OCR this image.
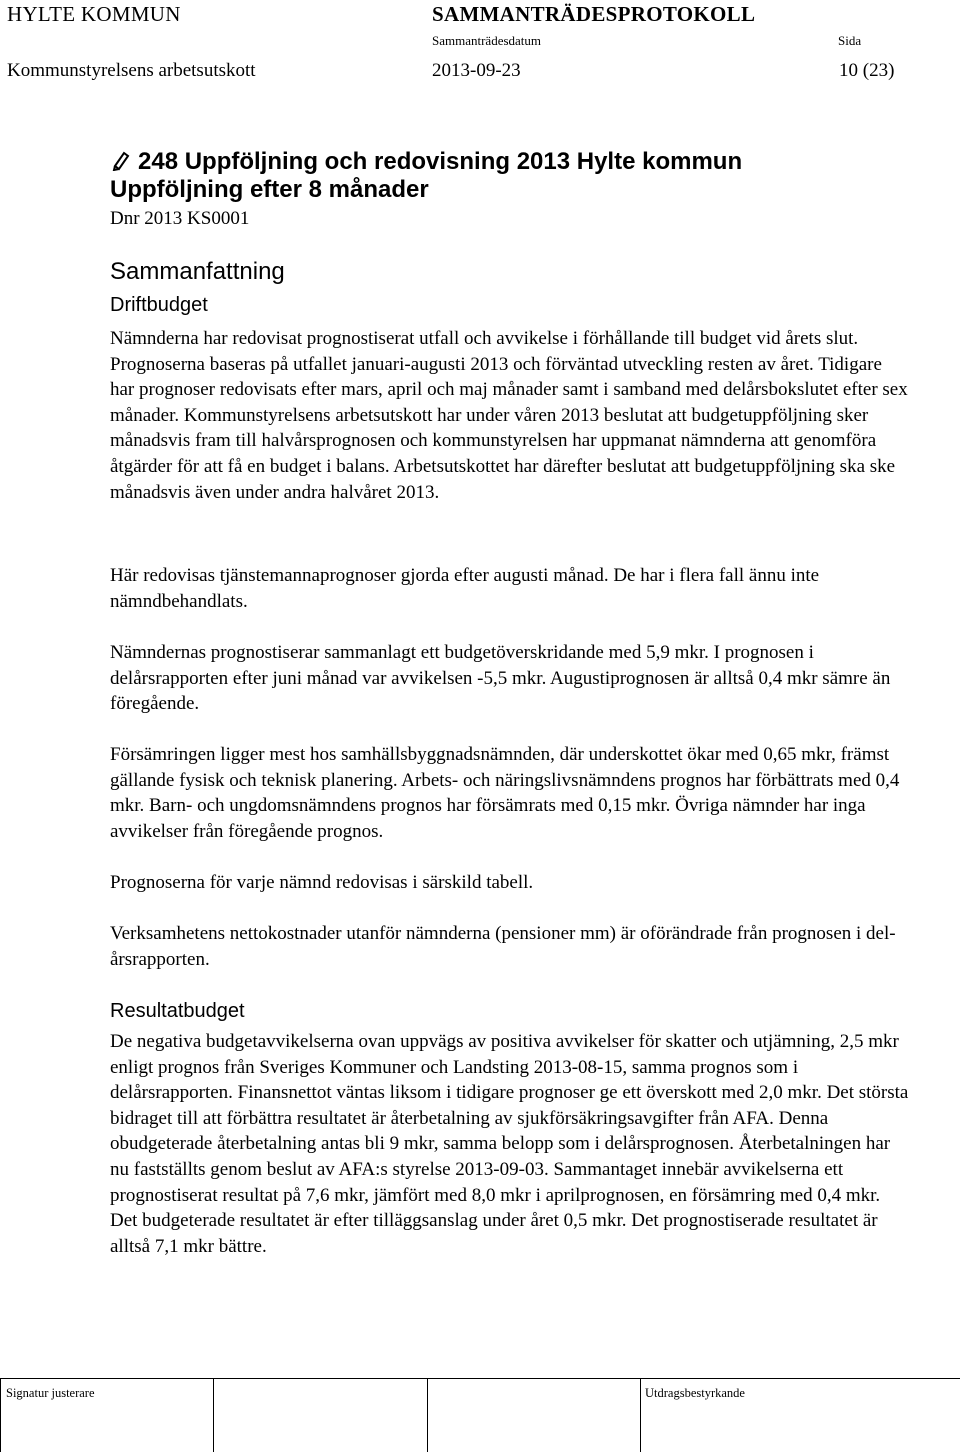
HYLTE KOMMUN	SAMMANTRÄDESPROTOKOLL
Sammanträdesdatum	Sida
Kommunstyrelsens arbetsutskott	2013-09-23	10 (23)
248 Uppföljning och redovisning 2013 Hylte kommun
Uppföljning efter 8 månader
Dnr 2013 KS0001
Sammanfattning
Driftbudget

Nämnderna har redovisat prognostiserat utfall och avvikelse i förhållande till budget vid årets slut. Prognoserna baseras på utfallet januari-augusti 2013 och förväntad utveckling resten av året. Tidigare har prognoser redovisats efter mars, april och maj månader samt i samband med delårsbokslutet efter sex månader. Kommunstyrelsens arbetsutskott har under våren 2013 beslutat att budgetuppföljning sker månadsvis fram till halvårsprognosen och kommunstyrelsen har uppmanat nämnderna att genomföra åtgärder för att få en budget i balans. Arbetsutskottet har därefter beslutat att budgetuppföljning ska ske månadsvis även under andra halvåret 2013.

Här redovisas tjänstemannaprognoser gjorda efter augusti månad. De har i flera fall ännu inte nämndbehandlats.

Nämndernas prognostiserar sammanlagt ett budgetöverskridande med 5,9 mkr. I prognosen i delårsrapporten efter juni månad var avvikelsen -5,5 mkr. Augustiprognosen är alltså 0,4 mkr sämre än föregående.

Försämringen ligger mest hos samhällsbyggnadsnämnden, där underskottet ökar med 0,65 mkr, främst gällande fysisk och teknisk planering. Arbets- och näringslivsnämndens prognos har förbättrats med 0,4 mkr. Barn- och ungdomsnämndens prognos har försämrats med 0,15 mkr. Övriga nämnder har inga avvikelser från föregående prognos.

Prognoserna för varje nämnd redovisas i särskild tabell.

Verksamhetens nettokostnader utanför nämnderna (pensioner mm) är oförändrade från prognosen i del-årsrapporten.

Resultatbudget

De negativa budgetavvikelserna ovan uppvägs av positiva avvikelser för skatter och utjämning, 2,5 mkr enligt prognos från Sveriges Kommuner och Landsting 2013-08-15, samma prognos som i delårsrapporten. Finansnettot väntas liksom i tidigare prognoser ge ett överskott med 2,0 mkr. Det största bidraget till att förbättra resultatet är återbetalning av sjukförsäkringsavgifter från AFA. Denna obudgeterade återbetalning antas bli 9 mkr, samma belopp som i delårsprognosen. Återbetalningen har nu fastställts genom beslut av AFA:s styrelse 2013-09-03. Sammantaget innebär avvikelserna ett prognostiserat resultat på 7,6 mkr, jämfört med 8,0 mkr i aprilprognosen, en försämring med 0,4 mkr. Det budgeterade resultatet är efter tilläggsanslag under året 0,5 mkr. Det prognostiserade resultatet är alltså 7,1 mkr bättre.

Signatur justerare	Utdragsbestyrkande
